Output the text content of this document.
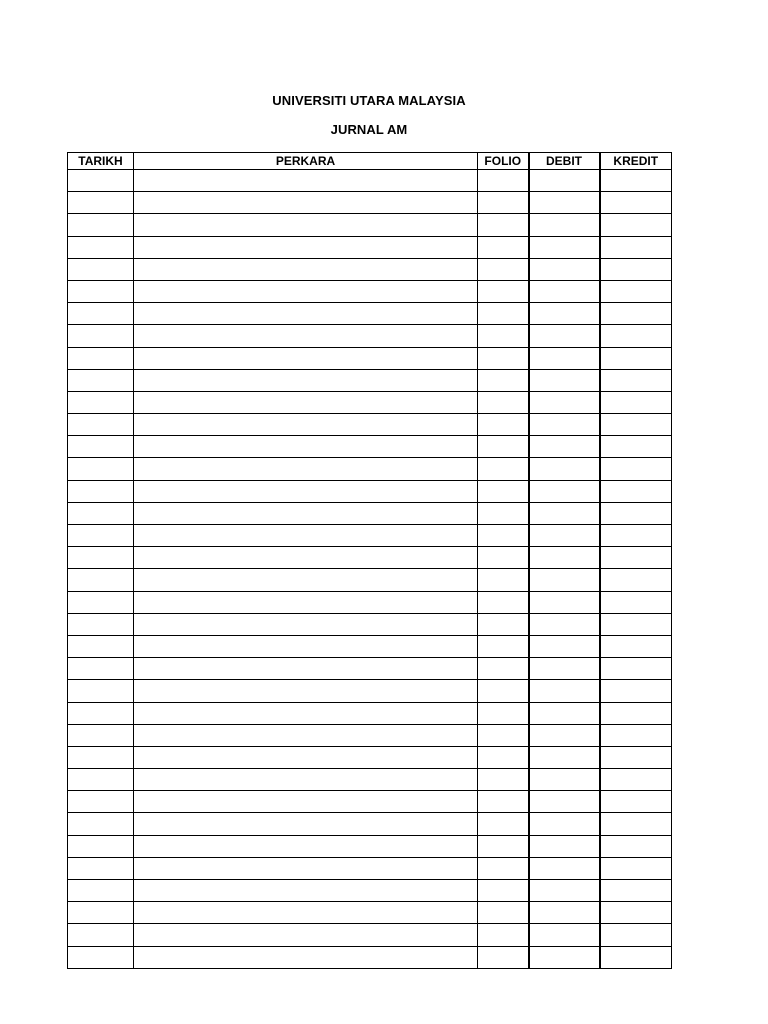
UNIVERSITI UTARA MALAYSIA
JURNAL AM
TARIKH	PERKARA	FOLIO	DEBIT	KREDIT
